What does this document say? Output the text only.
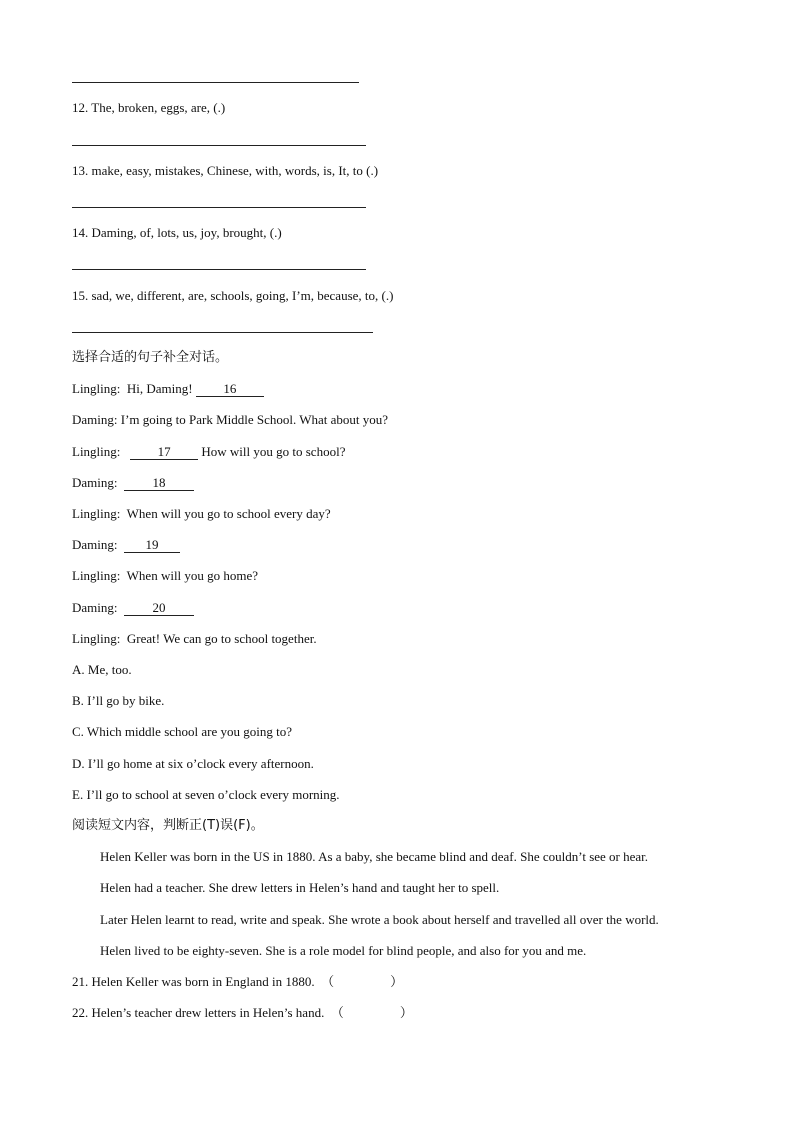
12. The, broken, eggs, are, (.)
13. make, easy, mistakes, Chinese, with, words, is, It, to (.)
14. Daming, of, lots, us, joy, brought, (.)
15. sad, we, different, are, schools, going, I’m, because, to, (.)
选择合适的句子补全对话。
Lingling: Hi, Daming! 16
Daming: I’m going to Park Middle School. What about you?
Lingling:	17 How will you go to school?
Daming:	18
Lingling: When will you go to school every day?
Daming: 19
Lingling: When will you go home?
Daming:	20
Lingling: Great! We can go to school together.
A. Me, too.
B. I’ll go by bike.
C. Which middle school are you going to?
D. I’ll go home at six o’clock every afternoon.
E. I’ll go to school at seven o’clock every morning.
阅读短文内容，判断正(T)误(F)。
Helen Keller was born in the US in 1880. As a baby, she became blind and deaf. She couldn’t see or hear.
Helen had a teacher. She drew letters in Helen’s hand and taught her to spell.
Later Helen learnt to read, write and speak. She wrote a book about herself and travelled all over the world.
Helen lived to be eighty-seven. She is a role model for blind people, and also for you and me.
21. Helen Keller was born in England in 1880. （	）
22. Helen’s teacher drew letters in Helen’s hand. （	）
